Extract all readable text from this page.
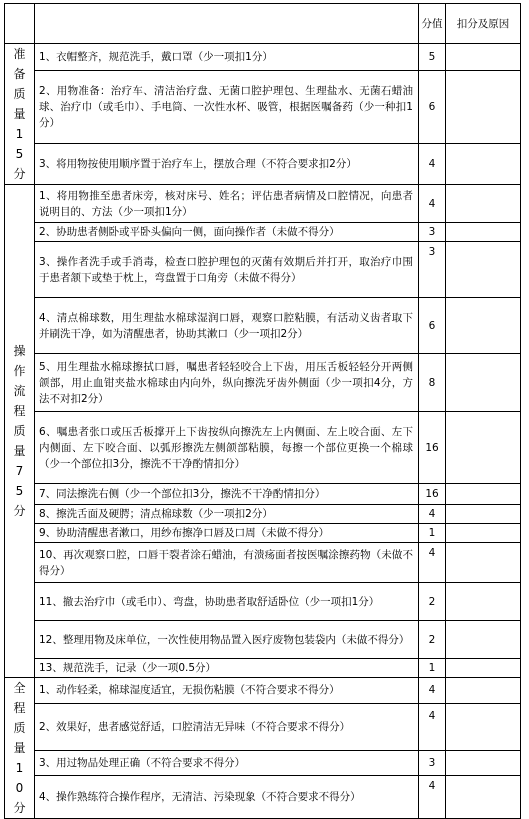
		分值	扣分及原因

准备质量15分	1、衣帽整齐，规范洗手，戴口罩（少一项扣1分）	5	
	2、用物准备：治疗车、清洁治疗盘、无菌口腔护理包、生理盐水、无菌石蜡油球、治疗巾（或毛巾）、手电筒、一次性水杯、吸管，根据医嘱备药（少一种扣1分）	6	
	3、将用物按使用顺序置于治疗车上，摆放合理（不符合要求扣2分）	4	

操作流程质量75分	1、将用物推至患者床旁，核对床号、姓名；评估患者病情及口腔情况，向患者说明目的、方法（少一项扣1分）	4	
	2、协助患者侧卧或平卧头偏向一侧，面向操作者（未做不得分）	3	
	3、操作者洗手或手消毒，检查口腔护理包的灭菌有效期后并打开，取治疗巾围于患者颔下或垫于枕上，弯盘置于口角旁（未做不得分）	3	
	4、清点棉球数，用生理盐水棉球湿润口唇，观察口腔粘膜，有活动义齿者取下并刷洗干净，如为清醒患者，协助其漱口（少一项扣2分）	6	
	5、用生理盐水棉球擦拭口唇，嘱患者轻轻咬合上下齿，用压舌板轻轻分开两侧颌部，用止血钳夹盐水棉球由内向外，纵向擦洗牙齿外侧面（少一项扣4分，方法不对扣2分）	8	
	6、嘱患者张口或压舌板撑开上下齿按纵向擦洗左上内侧面、左上咬合面、左下内侧面、左下咬合面、以弧形擦洗左侧颌部粘膜，每擦一个部位更换一个棉球（少一个部位扣3分，擦洗不干净酌情扣分）	16	
	7、同法擦洗右侧（少一个部位扣3分，擦洗不干净酌情扣分）	16	
	8、擦洗舌面及硬腭；清点棉球数（少一项扣2分）	4	
	9、协助清醒患者漱口，用纱布擦净口唇及口周（未做不得分）	1	
	10、再次观察口腔，口唇干裂者涂石蜡油，有溃疡面者按医嘱涂擦药物（未做不得分）	4	
	11、撤去治疗巾（或毛巾）、弯盘，协助患者取舒适卧位（少一项扣1分）	2	
	12、整理用物及床单位，一次性使用物品置入医疗废物包装袋内（未做不得分）	2	
	13、规范洗手，记录（少一项0.5分）	1	

全程质量10分	1、动作轻柔，棉球湿度适宜，无损伤粘膜（不符合要求不得分）	4	
	2、效果好，患者感觉舒适，口腔清洁无异味（不符合要求不得分）	4	
	3、用过物品处理正确（不符合要求不得分）	3	
	4、操作熟练符合操作程序，无清洁、污染现象（不符合要求不得分）	4	
